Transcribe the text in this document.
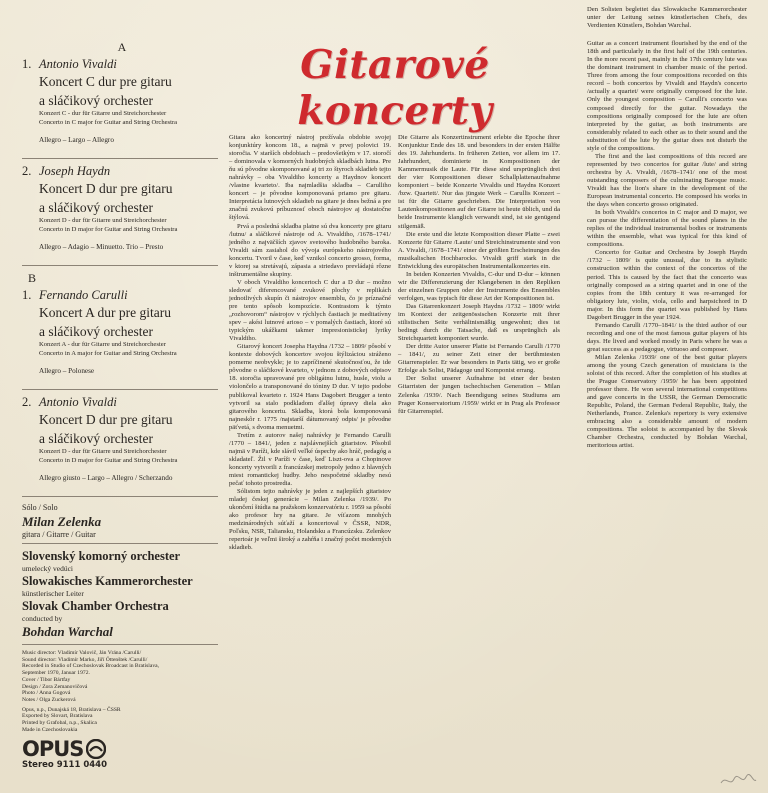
A
1. Antonio Vivaldi
Koncert C dur pre gitaru
a sláčikový orchester
Konzert C - dur für Gitarre und Streichorchester
Concerto in C major for Guitar and String Orchestra
Allegro – Largo – Allegro
2. Joseph Haydn
Koncert D dur pre gitaru
a sláčikový orchester
Konzert D - dur für Gitarre und Streichorchester
Concerto in D major for Guitar and String Orchestra
Allegro – Adagio – Minuetto. Trio – Presto
B
1. Fernando Carulli
Koncert A dur pre gitaru
a sláčikový orchester
Konzert A - dur für Gitarre und Streichorchester
Concerto in A major for Guitar and String Orchestra
Allegro – Polonese
2. Antonio Vivaldi
Koncert D dur pre gitaru
a sláčikový orchester
Konzert D - dur für Gitarre und Streichorchester
Concerto in D major for Guitar and String Orchestra
Allegro giusto – Largo – Allegro / Scherzando
Sólo / Solo
Milan Zelenka
gitara / Gitarre / Guitar
Slovenský komorný orchester
umelecký vedúci
Slowakisches Kammerorchester
künstlerischer Leiter
Slovak Chamber Orchestra
conducted by
Bohdan Warchal
Music director: Vladimír Valovič, Ján Vrána /Carulli/
Sound director: Vladimír Marko, Jiří Öttenštek /Carulli/
Recorded in Studio of Czechoslovak Broadcast in Bratislava,
September 1970, Januar 1972.
Cover / Tibor Bártfay
Design / Zora Zemanovičová
Photo / Anna Gogová
Notes / Olga Zuckerová
Opus, n.p., Dunajská 18, Bratislava – ČSSR
Exported by Slovart, Bratislava
Printed by Grafobal, n.p., Skalica
Made in Czechoslovakia
OPUS
Stereo 9111 0440
Gitarové koncerty

Gitara ako koncertný nástroj prežívala obdobie svojej konjunktúry koncom 18., a najmä v prvej polovici 19. storočia. V starších obdobiach – predovšetkým v 17. storočí – dominovala v komorných hudobných skladbách lutna. Pre ňu sú pôvodne skomponované aj tri zo štyroch skladieb tejto nahrávky – oba Vivaldiho koncerty a Haydnov koncert /vlastne kvarteto/. Iba najmladšia skladba – Carulliho koncert – je pôvodne komponovaná priamo pre gitaru. Interpretácia lutnových skladieb na gitare je dnes bežná a pre značnú zvukovú príbuznosť oboch nástrojov aj dostatočne štýlová.

Prvá a posledná skladba platne sú dva koncerty pre gitaru /lutnu/ a sláčikové nástroje od A. Vivaldiho, /1678–1741/ jedného z najväčších zjavov svetového hudobného baroka. Vivaldi sám zasiahol do vývoja európskeho nástrojového koncertu. Tvoril v čase, keď vznikol concerto grosso, forma, v ktorej sa stretávajú, zápasia a striedavo prevládajú rôzne inštrumentálne skupiny.

V oboch Vivaldiho koncertoch C dur a D dur – možno sledovať diferencované zvukové plochy v replikách jednotlivých skupín či nástrojov ensemblu, čo je príznačné pre tento spôsob kompozície. Kontrastom k týmto „rozhovorom“ nástrojov v rýchlych častiach je meditatívny spev – akési lutnové arioso – v pomalých častiach, ktoré sú typickým ukážkami takmer impresionistickej lyriky Vivaldiho.

Gitarový koncert Josepha Haydna /1732 – 1809/ pôsobí v kontexte dobových koncertov svojou štýlizáciou stráženo pomerne neobvykle; je to zapríčinené skutočnosťou, že ide pôvodne o sláčikové kvarteto, v jednom z dobových odpisov 18. storočia upravované pre obligátnu lutnu, husle, violu a violončelo a transponované do tóniny D dur. V tejto podobe publikoval kvarteto r. 1924 Hans Dagobert Brugger a tento vytvoril sa stalo podkladom ďalšej úpravy diela ako gitarového koncertu. Skladba, ktorá bola komponovaná najneskôr r. 1775 /najstarší dátumovaný odpis/ je pôvodne päťvetá, s dvoma menuetmi.

Tretím z autorov našej nahrávky je Fernando Carulli /1770 – 1841/, jeden z najslávnejších gitaristov. Pôsobil najmä v Paríži, kde slávil veľké úspechy ako hráč, pedagóg a skladateľ. Žil v Paríži v čase, keď Liszt-ova a Chopinove koncerty vytvorili z francúzskej metropoly jedno z hlavných miest romantickej hudby. Jeho nespočetné skladby nesú pečať tohoto prostredia.

Sólistom tejto nahrávky je jeden z najlepších gitaristov mladej českej generácie – Milan Zelenka /1939/. Po ukončení štúdia na pražskom konzervatóriu r. 1959 sa pôsobí ako profesor hry na gitare. Je víťazom mnohých medzinárodných súťaží a koncertoval v ČSSR, NDR, Poľsku, NSR, Taliansku, Holandsku a Francúzsku. Zelenkov repertoár je veľmi široký a zahŕňa i značný počet moderných skladieb.

Die Gitarre als Konzertinstrument erlebte die Epoche ihrer Konjunktur Ende des 18. und besonders in der ersten Hälfte des 19. Jahrhunderts. In früheren Zeiten, vor allem im 17. Jahrhundert, dominierte in Kompositionen der Kammermusik die Laute. Für diese sind ursprünglich drei der vier Kompositionen dieser Schallplattenaufnahme komponiert – beide Konzerte Vivaldis und Haydns Konzert /bzw. Quartett/. Nur das jüngste Werk – Carullis Konzert – ist für die Gitarre geschrieben. Die Interpretation von Lautenkompositionen auf der Gitarre ist heute üblich, und da beide Instrumente klanglich verwandt sind, ist sie genügend stilgemäß.

Die erste und die letzte Komposition dieser Platte – zwei Konzerte für Gitarre /Laute/ und Streichinstrumente sind von A. Vivaldi, /1678–1741/ einer der größten Erscheinungen des musikalischen Hochbarocks. Vivaldi griff stark in die Entwicklung des europäischen Instrumentalkonzertes ein.

In beiden Konzerten Vivaldis, C-dur und D-dur – können wir die Differenzierung der Klangebenen in den Repliken der einzelnen Gruppen oder der Instrumente des Ensembles verfolgen, was typisch für diese Art der Kompositionen ist.

Das Gitarrenkonzert Joseph Haydns /1732 – 1809/ wirkt im Kontext der zeitgenössischen Konzerte mit ihrer stilistischen Seite verhältnismäßig ungewohnt; dies ist bedingt durch die Tatsache, daß es ursprünglich als Streichquartett komponiert wurde.

Der dritte Autor unserer Platte ist Fernando Carulli /1770 – 1841/, zu seiner Zeit einer der berühmtesten Gitarrenspieler. Er war besonders in Paris tätig, wo er große Erfolge als Solist, Pädagoge und Komponist errang.

Der Solist unserer Aufnahme ist einer der besten Gitarristen der jungen tschechischen Generation – Milan Zelenka /1939/. Nach Beendigung seines Studiums am Prager Konservatorium /1959/ wirkt er in Prag als Professor für Gitarrenspiel.

Den Solisten begleitet das Slowakische Kammerorchester unter der Leitung seines künstlerischen Chefs, des Verdienten Künstlers, Bohdan Warchal.

Guitar as a concert instrument flourished by the end of the 18th and particularly in the first half of the 19th centuries. In the more recent past, mainly in the 17th century lute was the dominant instrument in chamber music of the period. Three from among the four compositions recorded on this record – both concertos by Vivaldi and Haydn's concerto /actually a quartet/ were originally composed for the lute. Only the youngest composition – Carulli's concerto was composed directly for the guitar. Nowadays the compositions originally composed for the lute are often interpreted by the guitar, as both instruments are considerably related to each other as to their sound and the substitution of the lute by the guitar does not disturb the style of the compositions.

The first and the last compositions of this record are represented by two concertos for guitar /lute/ and string orchestra by A. Vivaldi, /1678–1741/ one of the most outstanding composers of the culminating Baroque music. Vivaldi has the lion's share in the development of the European instrumental concerto. He composed his works in the days when concerto grosso originated.

In both Vivaldi's concertos in C major and D major, we can pursue the differentiation of the sound planes in the replies of the individual instrumental bodies or instruments within the ensemble, what was typical for this kind of compositions.

Concerto for Guitar and Orchestra by Joseph Haydn /1732 – 1809/ is quite unusual, due to its stylistic construction within the context of the concertos of the period. This is caused by the fact that the concerto was originally composed as a string quartet and in one of the copies from the 18th century it was re-arranged for obligatory lute, violin, viola, cello and harpsichord in D major. In this form the quartet was published by Hans Dagobert Brugger in the year 1924.

Fernando Carulli /1770–1841/ is the third author of our recording and one of the most famous guitar players of his days. He lived and worked mostly in Paris where he was a great success as a pedagogue, virtuoso and composer.

Milan Zelenka /1939/ one of the best guitar players among the young Czech generation of musicians is the soloist of this record. After the completion of his studies at the Prague Conservatory /1959/ he has been appointed professor there. He won several international competitions and gave concerts in the USSR, the German Democratic Republic, Poland, the German Federal Republic, Italy, the Netherlands, France. Zelenka's repertory is very extensive embracing also a considerable amount of modern compositions. The soloist is accompanied by the Slovak Chamber Orchestra, conducted by Bohdan Warchal, meritorious artist.
